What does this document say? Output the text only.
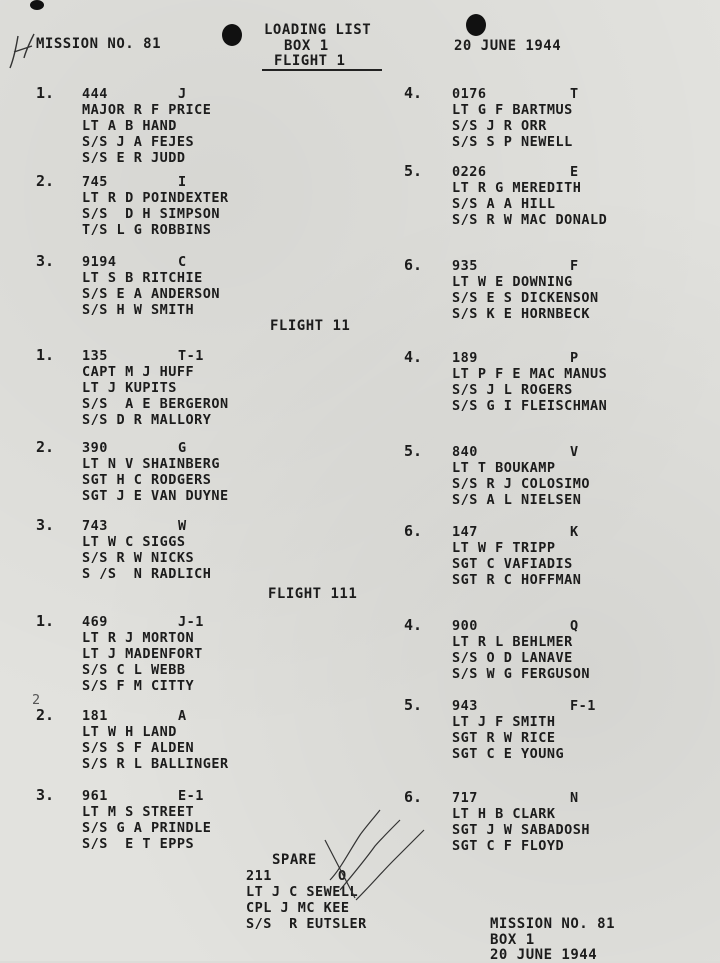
MISSION NO. 81
LOADING LIST
BOX 1
FLIGHT 1
20 JUNE 1944
1. 444	J
MAJOR R F PRICE
LT A B HAND
S/S J A FEJES
S/S E R JUDD
2. 745	I
LT R D POINDEXTER
S/S  D H SIMPSON
T/S L G ROBBINS
3. 9194	C
LT S B RITCHIE
S/S E A ANDERSON
S/S H W SMITH
4. 0176	T
LT G F BARTMUS
S/S J R ORR
S/S S P NEWELL
5. 0226	E
LT R G MEREDITH
S/S A A HILL
S/S R W MAC DONALD
6. 935	F
LT W E DOWNING
S/S E S DICKENSON
S/S K E HORNBECK
1. 135	T-1
CAPT M J HUFF
LT J KUPITS
S/S  A E BERGERON
S/S D R MALLORY
2. 390	G
LT N V SHAINBERG
SGT H C RODGERS
SGT J E VAN DUYNE
3. 743	W
LT W C SIGGS
S/S R W NICKS
S /S  N RADLICH
4. 189	P
LT P F E MAC MANUS
S/S J L ROGERS
S/S G I FLEISCHMAN
5. 840	V
LT T BOUKAMP
S/S R J COLOSIMO
S/S A L NIELSEN
6. 147	K
LT W F TRIPP
SGT C VAFIADIS
SGT R C HOFFMAN
1. 469	J-1
LT R J MORTON
LT J MADENFORT
S/S C L WEBB
S/S F M CITTY
2. 181	A
LT W H LAND
S/S S F ALDEN
S/S R L BALLINGER
3. 961	E-1
LT M S STREET
S/S G A PRINDLE
S/S  E T EPPS
4. 900	Q
LT R L BEHLMER
S/S O D LANAVE
S/S W G FERGUSON
5. 943	F-1
LT J F SMITH
SGT R W RICE
SGT C E YOUNG
6. 717	N
LT H B CLARK
SGT J W SABADOSH
SGT C F FLOYD
FLIGHT 11
FLIGHT 111
2
SPARE
211	O
LT J C SEWELL
CPL J MC KEE
S/S  R EUTSLER	MISSION NO. 81
BOX 1
20 JUNE 1944
